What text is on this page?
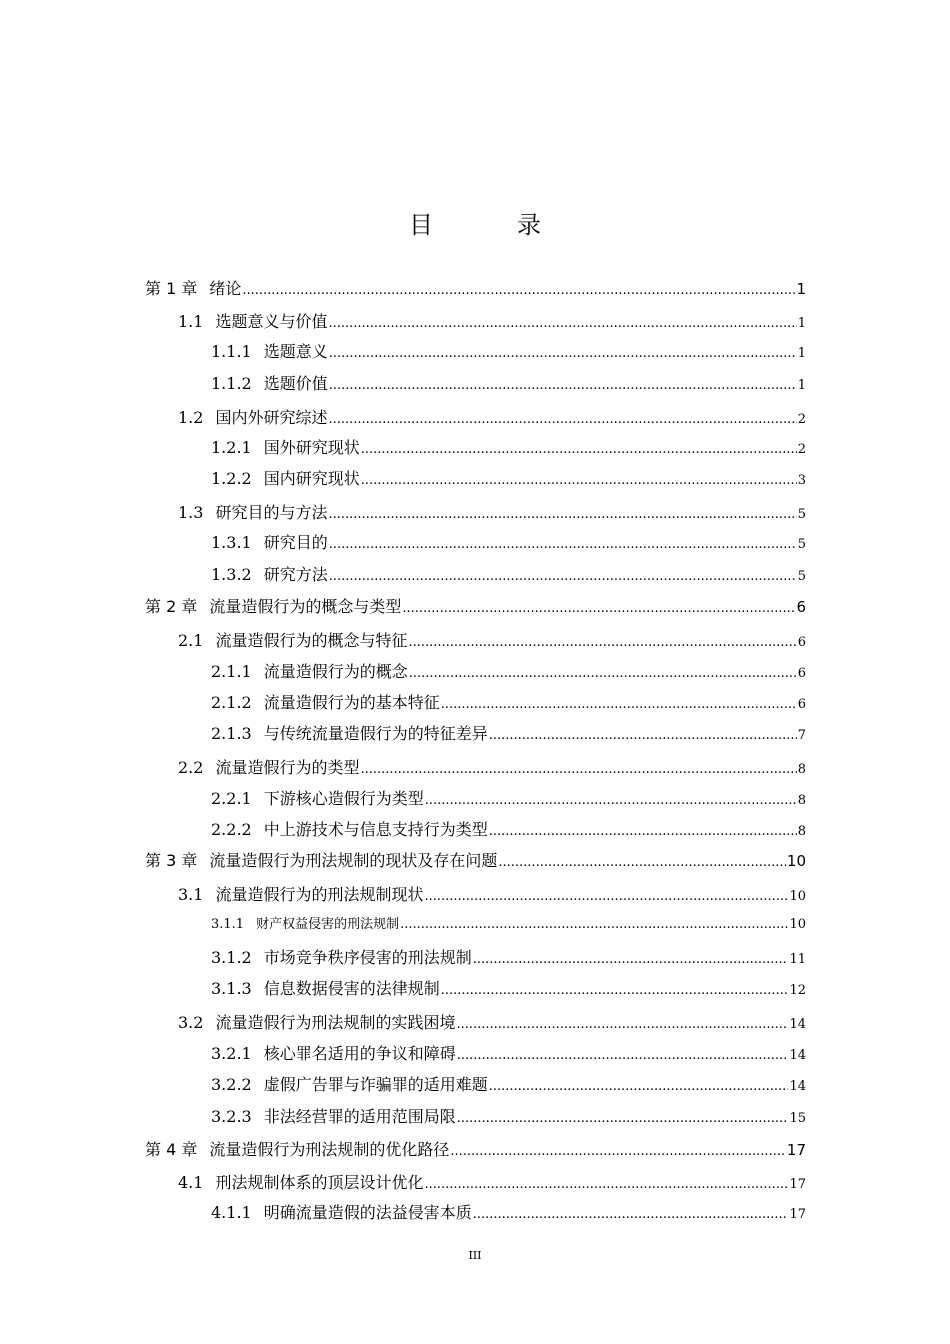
目　录
第 1 章 绪论 .....	1
1.1 选题意义与价值 .....	1
1.1.1 选题意义 .....	1
1.1.2 选题价值 .....	1
1.2 国内外研究综述 .....	2
1.2.1 国外研究现状 .....	2
1.2.2 国内研究现状 .....	3
1.3 研究目的与方法 .....	5
1.3.1 研究目的 .....	5
1.3.2 研究方法 .....	5
第 2 章 流量造假行为的概念与类型 .....	6
2.1 流量造假行为的概念与特征 .....	6
2.1.1 流量造假行为的概念 .....	6
2.1.2 流量造假行为的基本特征 .....	6
2.1.3 与传统流量造假行为的特征差异 .....	7
2.2 流量造假行为的类型 .....	8
2.2.1 下游核心造假行为类型 .....	8
2.2.2 中上游技术与信息支持行为类型 .....	8
第 3 章 流量造假行为刑法规制的现状及存在问题 .....	10
3.1 流量造假行为的刑法规制现状 .....	10
3.1.1 财产权益侵害的刑法规制 .....	10
3.1.2 市场竞争秩序侵害的刑法规制 .....	11
3.1.3 信息数据侵害的法律规制 .....	12
3.2 流量造假行为刑法规制的实践困境 .....	14
3.2.1 核心罪名适用的争议和障碍 .....	14
3.2.2 虚假广告罪与诈骗罪的适用难题 .....	14
3.2.3 非法经营罪的适用范围局限 .....	15
第 4 章 流量造假行为刑法规制的优化路径 .....	17
4.1 刑法规制体系的顶层设计优化 .....	17
4.1.1 明确流量造假的法益侵害本质 .....	17
III
